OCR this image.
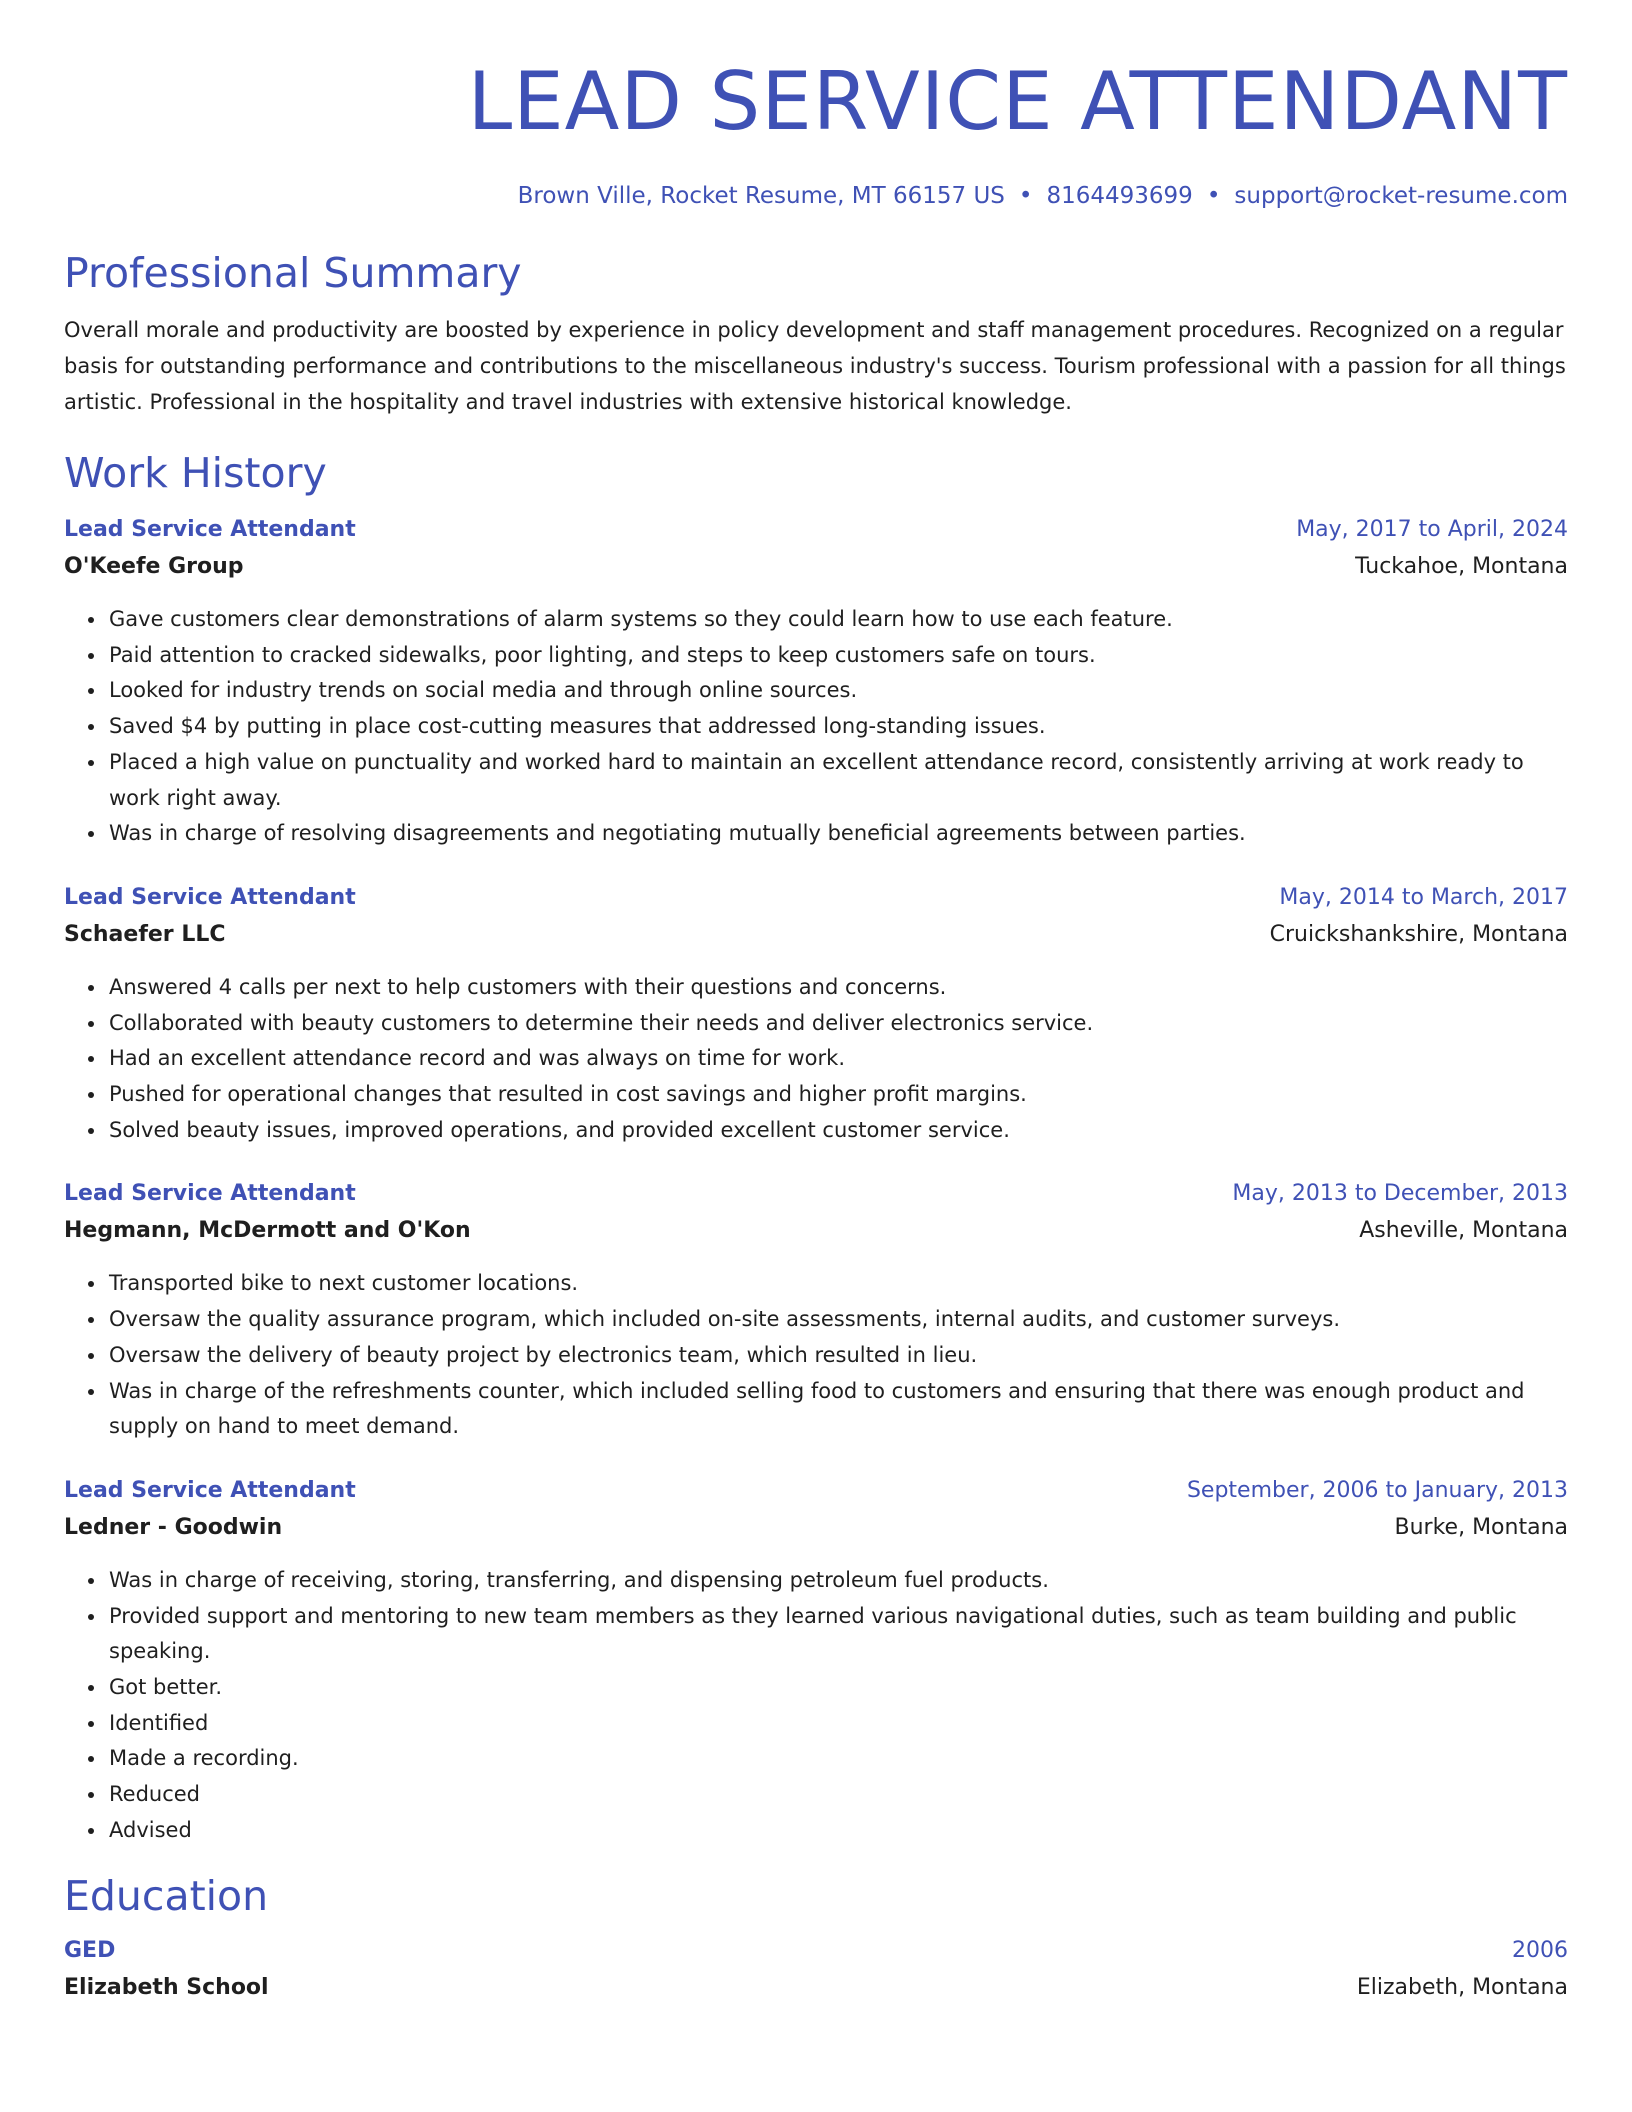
LEAD SERVICE ATTENDANT
Brown Ville, Rocket Resume, MT 66157 US • 8164493699 • support@rocket-resume.com
Professional Summary
Overall morale and productivity are boosted by experience in policy development and staff management procedures. Recognized on a regular basis for outstanding performance and contributions to the miscellaneous industry's success. Tourism professional with a passion for all things artistic. Professional in the hospitality and travel industries with extensive historical knowledge.
Work History
Lead Service Attendant	May, 2017 to April, 2024
O'Keefe Group	Tuckahoe, Montana
• Gave customers clear demonstrations of alarm systems so they could learn how to use each feature.
• Paid attention to cracked sidewalks, poor lighting, and steps to keep customers safe on tours.
• Looked for industry trends on social media and through online sources.
• Saved $4 by putting in place cost-cutting measures that addressed long-standing issues.
• Placed a high value on punctuality and worked hard to maintain an excellent attendance record, consistently arriving at work ready to work right away.
• Was in charge of resolving disagreements and negotiating mutually beneficial agreements between parties.
Lead Service Attendant	May, 2014 to March, 2017
Schaefer LLC	Cruickshankshire, Montana
• Answered 4 calls per next to help customers with their questions and concerns.
• Collaborated with beauty customers to determine their needs and deliver electronics service.
• Had an excellent attendance record and was always on time for work.
• Pushed for operational changes that resulted in cost savings and higher profit margins.
• Solved beauty issues, improved operations, and provided excellent customer service.
Lead Service Attendant	May, 2013 to December, 2013
Hegmann, McDermott and O'Kon	Asheville, Montana
• Transported bike to next customer locations.
• Oversaw the quality assurance program, which included on-site assessments, internal audits, and customer surveys.
• Oversaw the delivery of beauty project by electronics team, which resulted in lieu.
• Was in charge of the refreshments counter, which included selling food to customers and ensuring that there was enough product and supply on hand to meet demand.
Lead Service Attendant	September, 2006 to January, 2013
Ledner - Goodwin	Burke, Montana
• Was in charge of receiving, storing, transferring, and dispensing petroleum fuel products.
• Provided support and mentoring to new team members as they learned various navigational duties, such as team building and public speaking.
• Got better.
• Identified
• Made a recording.
• Reduced
• Advised
Education
GED	2006
Elizabeth School	Elizabeth, Montana
